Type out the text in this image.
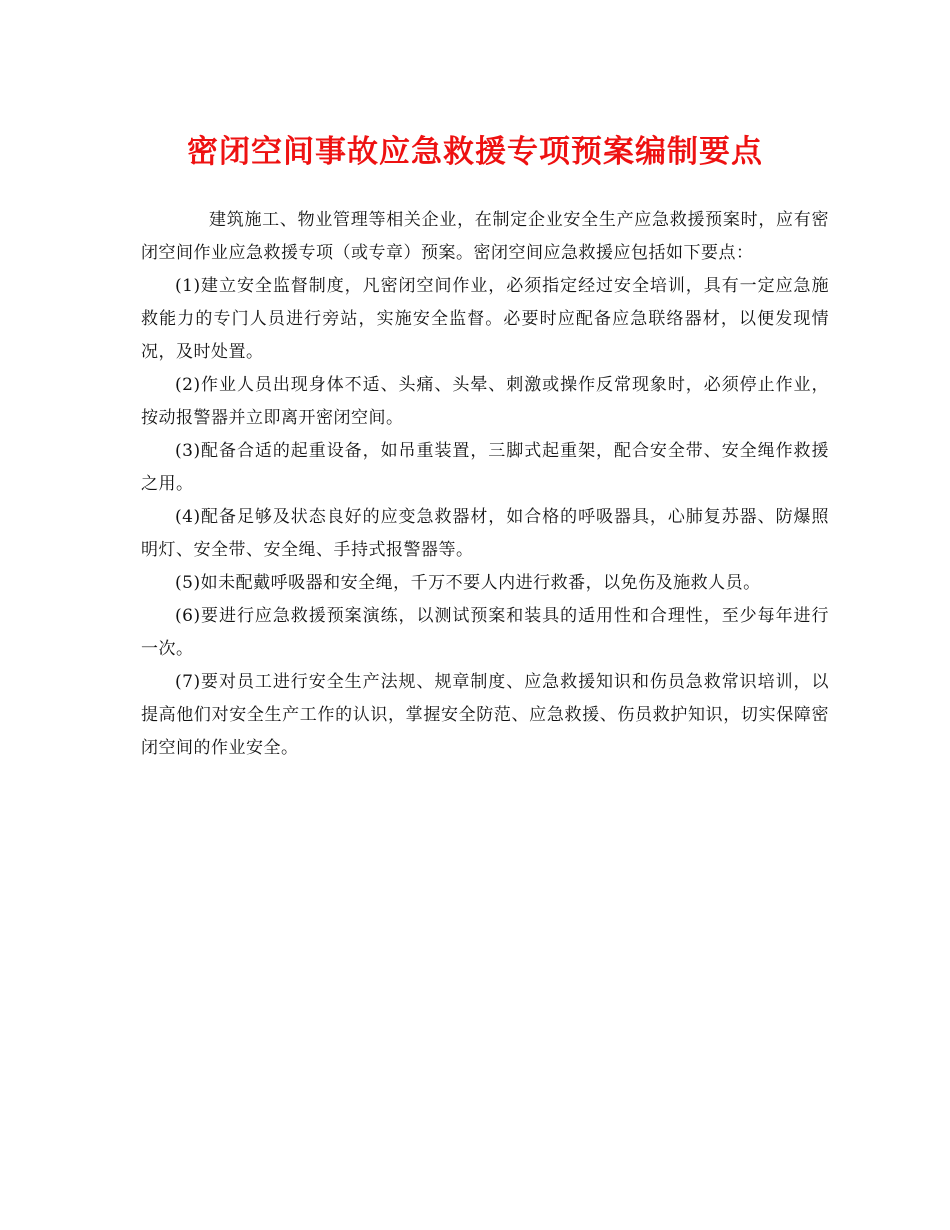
密闭空间事故应急救援专项预案编制要点

建筑施工、物业管理等相关企业，在制定企业安全生产应急救援预案时，应有密闭空间作业应急救援专项（或专章）预案。密闭空间应急救援应包括如下要点：

(1)建立安全监督制度，凡密闭空间作业，必须指定经过安全培训，具有一定应急施救能力的专门人员进行旁站，实施安全监督。必要时应配备应急联络器材，以便发现情况，及时处置。

(2)作业人员出现身体不适、头痛、头晕、刺激或操作反常现象时，必须停止作业，按动报警器并立即离开密闭空间。

(3)配备合适的起重设备，如吊重装置，三脚式起重架，配合安全带、安全绳作救援之用。

(4)配备足够及状态良好的应变急救器材，如合格的呼吸器具，心肺复苏器、防爆照明灯、安全带、安全绳、手持式报警器等。

(5)如未配戴呼吸器和安全绳，千万不要人内进行救番，以免伤及施救人员。

(6)要进行应急救援预案演练，以测试预案和装具的适用性和合理性，至少每年进行一次。

(7)要对员工进行安全生产法规、规章制度、应急救援知识和伤员急救常识培训，以提高他们对安全生产工作的认识，掌握安全防范、应急救援、伤员救护知识，切实保障密闭空间的作业安全。
